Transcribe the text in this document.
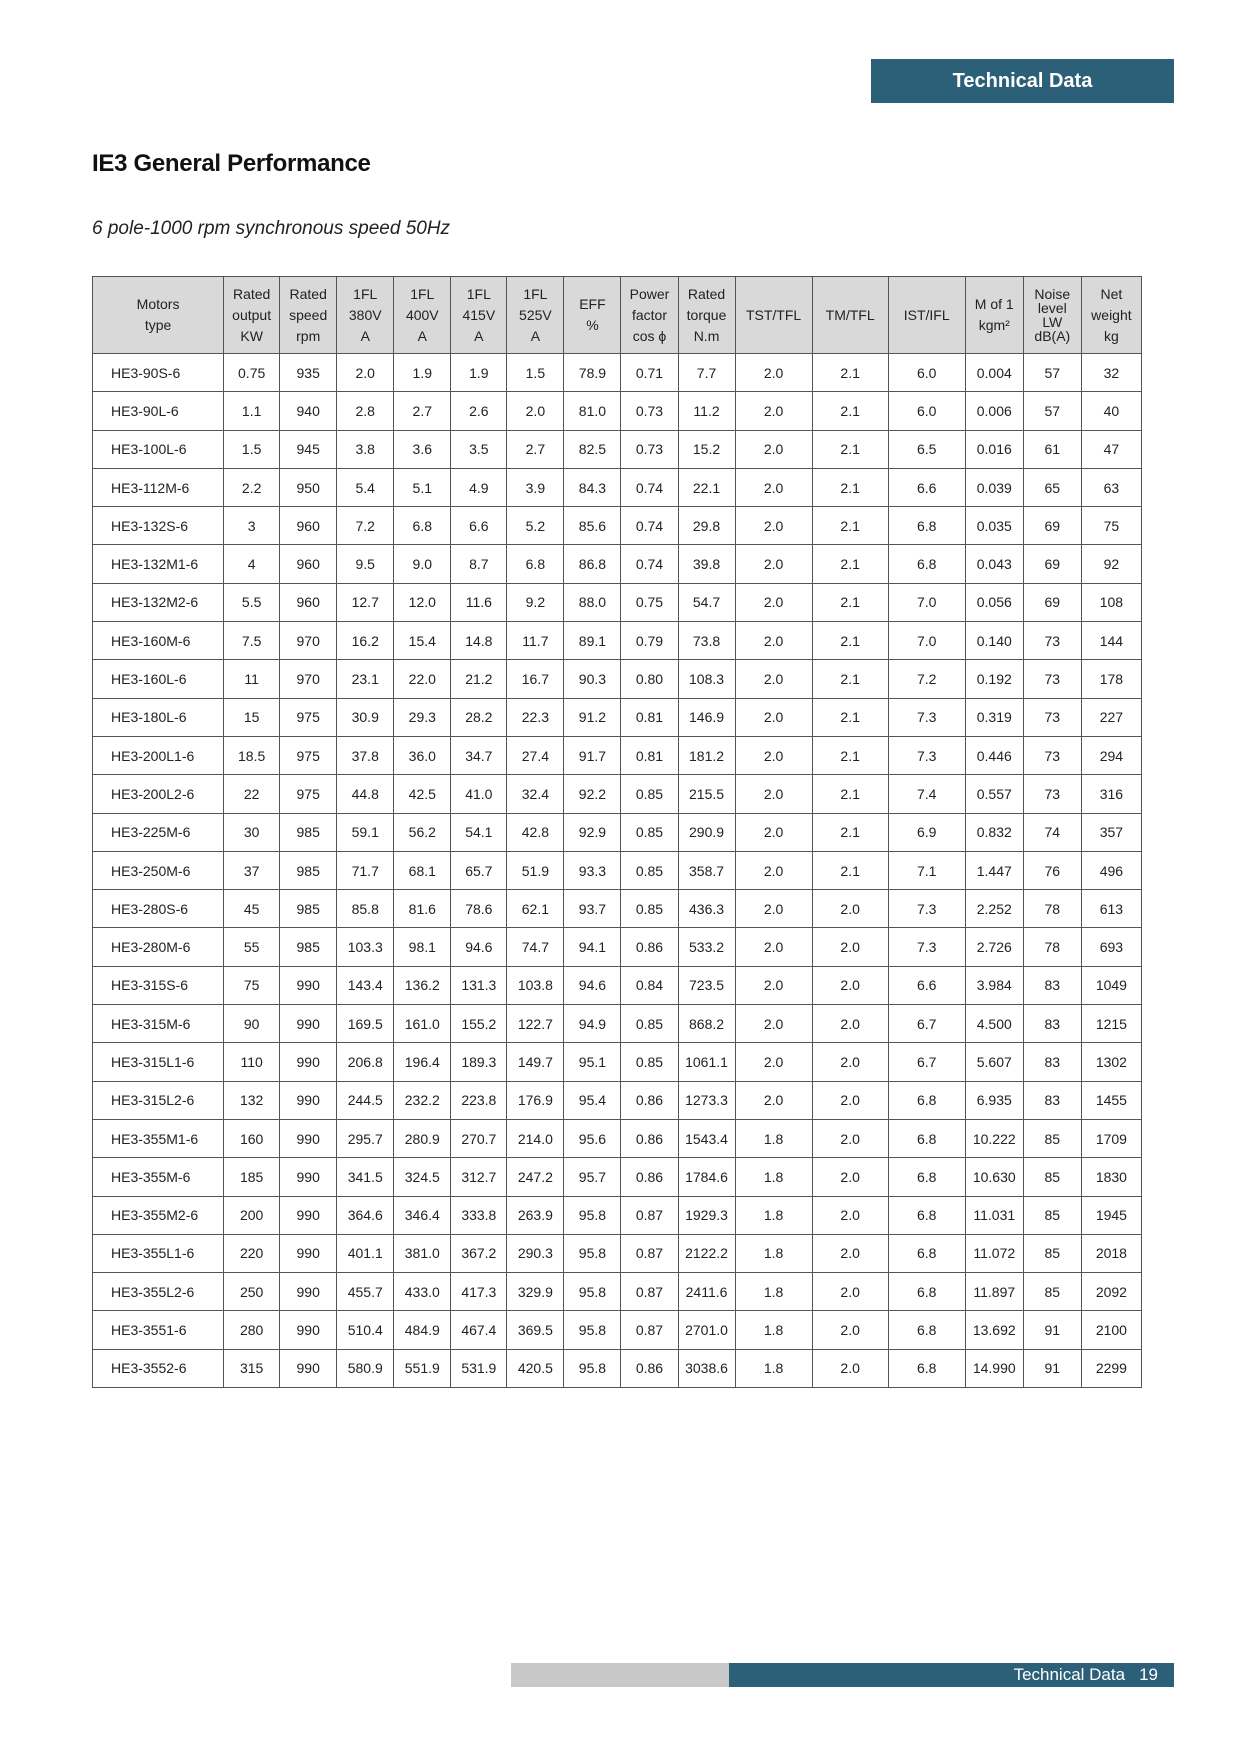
Technical Data
IE3 General Performance
6 pole-1000 rpm synchronous speed 50Hz
Motors
type	Rated
output
KW	Rated
speed
rpm	1FL
380V
A	1FL
400V
A	1FL
415V
A	1FL
525V
A	EFF
%	Power
factor
cos ϕ	Rated
torque
N.m	TST/TFL	TM/TFL	IST/IFL	M of 1
kgm²	Noise
level
LW
dB(A)	Net
weight
kg

HE3-90S-6	0.75	935	2.0	1.9	1.9	1.5	78.9	0.71	7.7	2.0	2.1	6.0	0.004	57	32
HE3-90L-6	1.1	940	2.8	2.7	2.6	2.0	81.0	0.73	11.2	2.0	2.1	6.0	0.006	57	40
HE3-100L-6	1.5	945	3.8	3.6	3.5	2.7	82.5	0.73	15.2	2.0	2.1	6.5	0.016	61	47
HE3-112M-6	2.2	950	5.4	5.1	4.9	3.9	84.3	0.74	22.1	2.0	2.1	6.6	0.039	65	63
HE3-132S-6	3	960	7.2	6.8	6.6	5.2	85.6	0.74	29.8	2.0	2.1	6.8	0.035	69	75
HE3-132M1-6	4	960	9.5	9.0	8.7	6.8	86.8	0.74	39.8	2.0	2.1	6.8	0.043	69	92
HE3-132M2-6	5.5	960	12.7	12.0	11.6	9.2	88.0	0.75	54.7	2.0	2.1	7.0	0.056	69	108
HE3-160M-6	7.5	970	16.2	15.4	14.8	11.7	89.1	0.79	73.8	2.0	2.1	7.0	0.140	73	144
HE3-160L-6	11	970	23.1	22.0	21.2	16.7	90.3	0.80	108.3	2.0	2.1	7.2	0.192	73	178
HE3-180L-6	15	975	30.9	29.3	28.2	22.3	91.2	0.81	146.9	2.0	2.1	7.3	0.319	73	227
HE3-200L1-6	18.5	975	37.8	36.0	34.7	27.4	91.7	0.81	181.2	2.0	2.1	7.3	0.446	73	294
HE3-200L2-6	22	975	44.8	42.5	41.0	32.4	92.2	0.85	215.5	2.0	2.1	7.4	0.557	73	316
HE3-225M-6	30	985	59.1	56.2	54.1	42.8	92.9	0.85	290.9	2.0	2.1	6.9	0.832	74	357
HE3-250M-6	37	985	71.7	68.1	65.7	51.9	93.3	0.85	358.7	2.0	2.1	7.1	1.447	76	496
HE3-280S-6	45	985	85.8	81.6	78.6	62.1	93.7	0.85	436.3	2.0	2.0	7.3	2.252	78	613
HE3-280M-6	55	985	103.3	98.1	94.6	74.7	94.1	0.86	533.2	2.0	2.0	7.3	2.726	78	693
HE3-315S-6	75	990	143.4	136.2	131.3	103.8	94.6	0.84	723.5	2.0	2.0	6.6	3.984	83	1049
HE3-315M-6	90	990	169.5	161.0	155.2	122.7	94.9	0.85	868.2	2.0	2.0	6.7	4.500	83	1215
HE3-315L1-6	110	990	206.8	196.4	189.3	149.7	95.1	0.85	1061.1	2.0	2.0	6.7	5.607	83	1302
HE3-315L2-6	132	990	244.5	232.2	223.8	176.9	95.4	0.86	1273.3	2.0	2.0	6.8	6.935	83	1455
HE3-355M1-6	160	990	295.7	280.9	270.7	214.0	95.6	0.86	1543.4	1.8	2.0	6.8	10.222	85	1709
HE3-355M-6	185	990	341.5	324.5	312.7	247.2	95.7	0.86	1784.6	1.8	2.0	6.8	10.630	85	1830
HE3-355M2-6	200	990	364.6	346.4	333.8	263.9	95.8	0.87	1929.3	1.8	2.0	6.8	11.031	85	1945
HE3-355L1-6	220	990	401.1	381.0	367.2	290.3	95.8	0.87	2122.2	1.8	2.0	6.8	11.072	85	2018
HE3-355L2-6	250	990	455.7	433.0	417.3	329.9	95.8	0.87	2411.6	1.8	2.0	6.8	11.897	85	2092
HE3-3551-6	280	990	510.4	484.9	467.4	369.5	95.8	0.87	2701.0	1.8	2.0	6.8	13.692	91	2100
HE3-3552-6	315	990	580.9	551.9	531.9	420.5	95.8	0.86	3038.6	1.8	2.0	6.8	14.990	91	2299
Technical Data 19
